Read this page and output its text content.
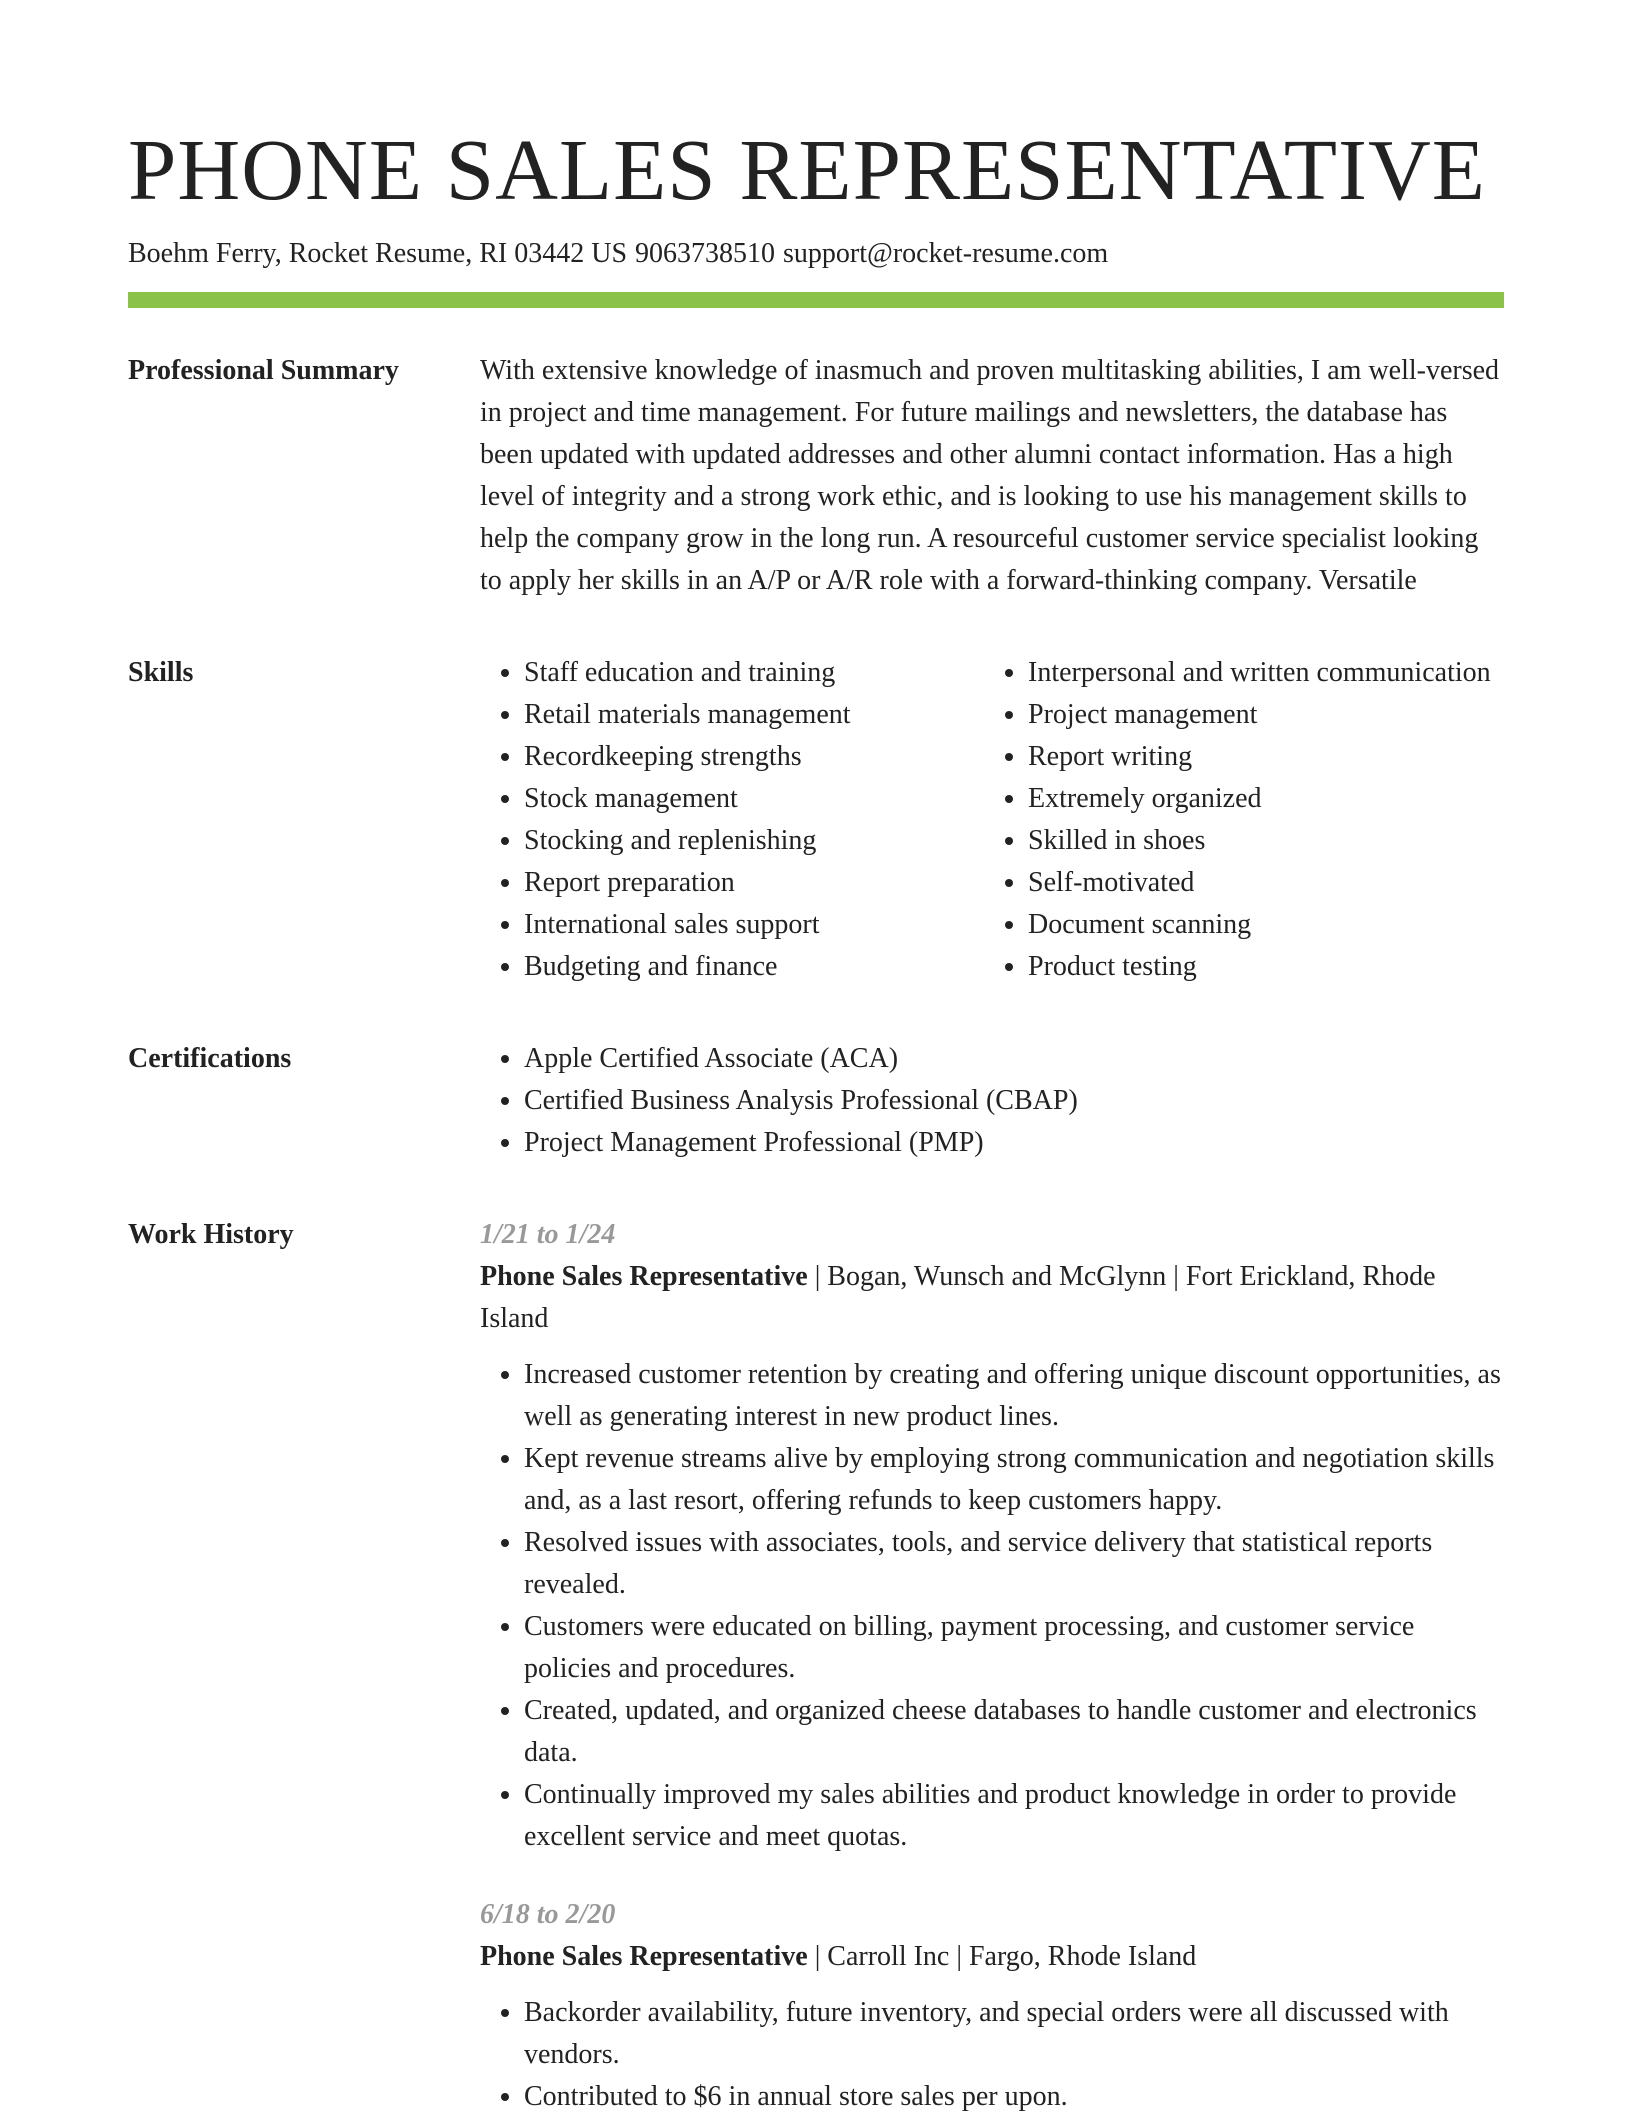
PHONE SALES REPRESENTATIVE
Boehm Ferry, Rocket Resume, RI 03442 US 9063738510 support@rocket-resume.com
Professional Summary	With extensive knowledge of inasmuch and proven multitasking abilities, I am well-versed in project and time management. For future mailings and newsletters, the database has been updated with updated addresses and other alumni contact information. Has a high level of integrity and a strong work ethic, and is looking to use his management skills to help the company grow in the long run. A resourceful customer service specialist looking to apply her skills in an A/P or A/R role with a forward-thinking company. Versatile

Skills	• Staff education and training
• Retail materials management
• Recordkeeping strengths
• Stock management
• Stocking and replenishing
• Report preparation
• International sales support
• Budgeting and finance
• Interpersonal and written communication
• Project management
• Report writing
• Extremely organized
• Skilled in shoes
• Self-motivated
• Document scanning
• Product testing
Certifications	• Apple Certified Associate (ACA)
• Certified Business Analysis Professional (CBAP)
• Project Management Professional (PMP)
Work History	1/21 to 1/24
Phone Sales Representative | Bogan, Wunsch and McGlynn | Fort Erickland, Rhode Island
• Increased customer retention by creating and offering unique discount opportunities, as well as generating interest in new product lines.
• Kept revenue streams alive by employing strong communication and negotiation skills and, as a last resort, offering refunds to keep customers happy.
• Resolved issues with associates, tools, and service delivery that statistical reports revealed.
• Customers were educated on billing, payment processing, and customer service policies and procedures.
• Created, updated, and organized cheese databases to handle customer and electronics data.
• Continually improved my sales abilities and product knowledge in order to provide excellent service and meet quotas.
6/18 to 2/20
Phone Sales Representative | Carroll Inc | Fargo, Rhode Island
• Backorder availability, future inventory, and special orders were all discussed with vendors.
• Contributed to $6 in annual store sales per upon.
